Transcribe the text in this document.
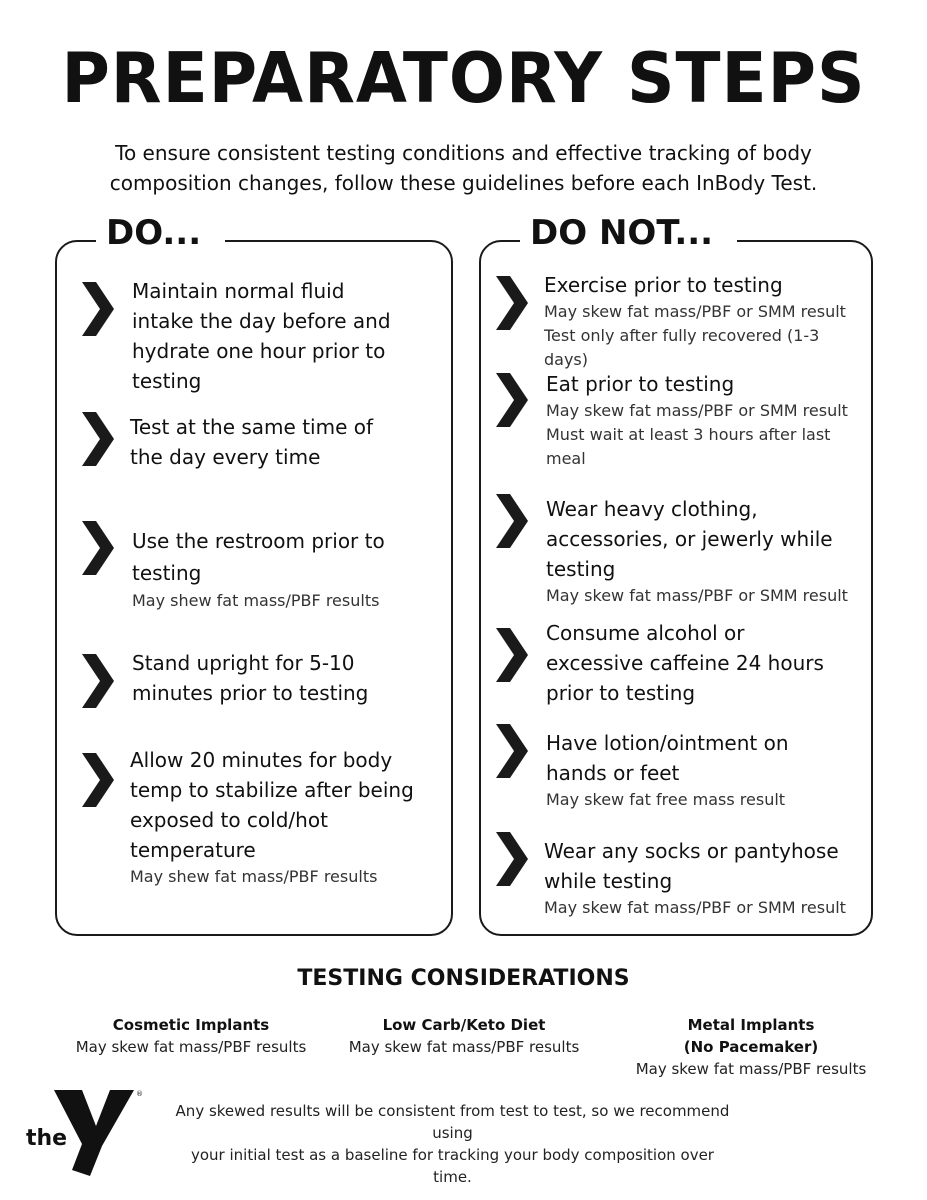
PREPARATORY STEPS
To ensure consistent testing conditions and effective tracking of body
composition changes, follow these guidelines before each InBody Test.
DO...	DO NOT...
Maintain normal fluid
intake the day before and
hydrate one hour prior to
testing
Test at the same time of
the day every time
Use the restroom prior to
testing
May shew fat mass/PBF results
Stand upright for 5-10
minutes prior to testing
Allow 20 minutes for body
temp to stabilize after being
exposed to cold/hot
temperature
May shew fat mass/PBF results
Exercise prior to testing
May skew fat mass/PBF or SMM result
Test only after fully recovered (1-3 days)
Eat prior to testing
May skew fat mass/PBF or SMM result
Must wait at least 3 hours after last
meal
Wear heavy clothing,
accessories, or jewerly while
testing
May skew fat mass/PBF or SMM result
Consume alcohol or
excessive caffeine 24 hours
prior to testing
Have lotion/ointment on
hands or feet
May skew fat free mass result
Wear any socks or pantyhose
while testing
May skew fat mass/PBF or SMM result
TESTING CONSIDERATIONS
Cosmetic Implants
May skew fat mass/PBF results
Low Carb/Keto Diet
May skew fat mass/PBF results
Metal Implants
(No Pacemaker)
May skew fat mass/PBF results
the
YMCA
®
Any skewed results will be consistent from test to test, so we recommend using
your initial test as a baseline for tracking your body composition over time.
